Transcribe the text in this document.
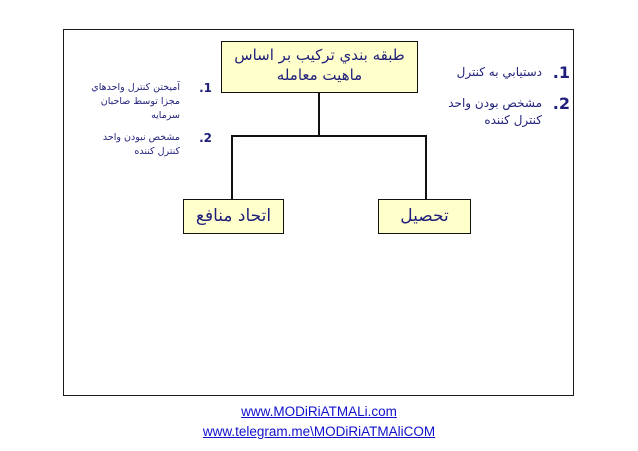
طبقه بندي تركيب بر اساس
ماهيت معامله
اتحاد منافع	تحصيل
1.
دستيابي به كنترل
2.
مشخص بودن واحد
كنترل كننده
1.
آميختن كنترل واحدهاي
مجزا توسط صاحبان
سرمايه
2.
مشخص نبودن واحد
كنترل كننده
www.MODiRiATMALi.com
www.telegram.me\MODiRiATMAliCOM
